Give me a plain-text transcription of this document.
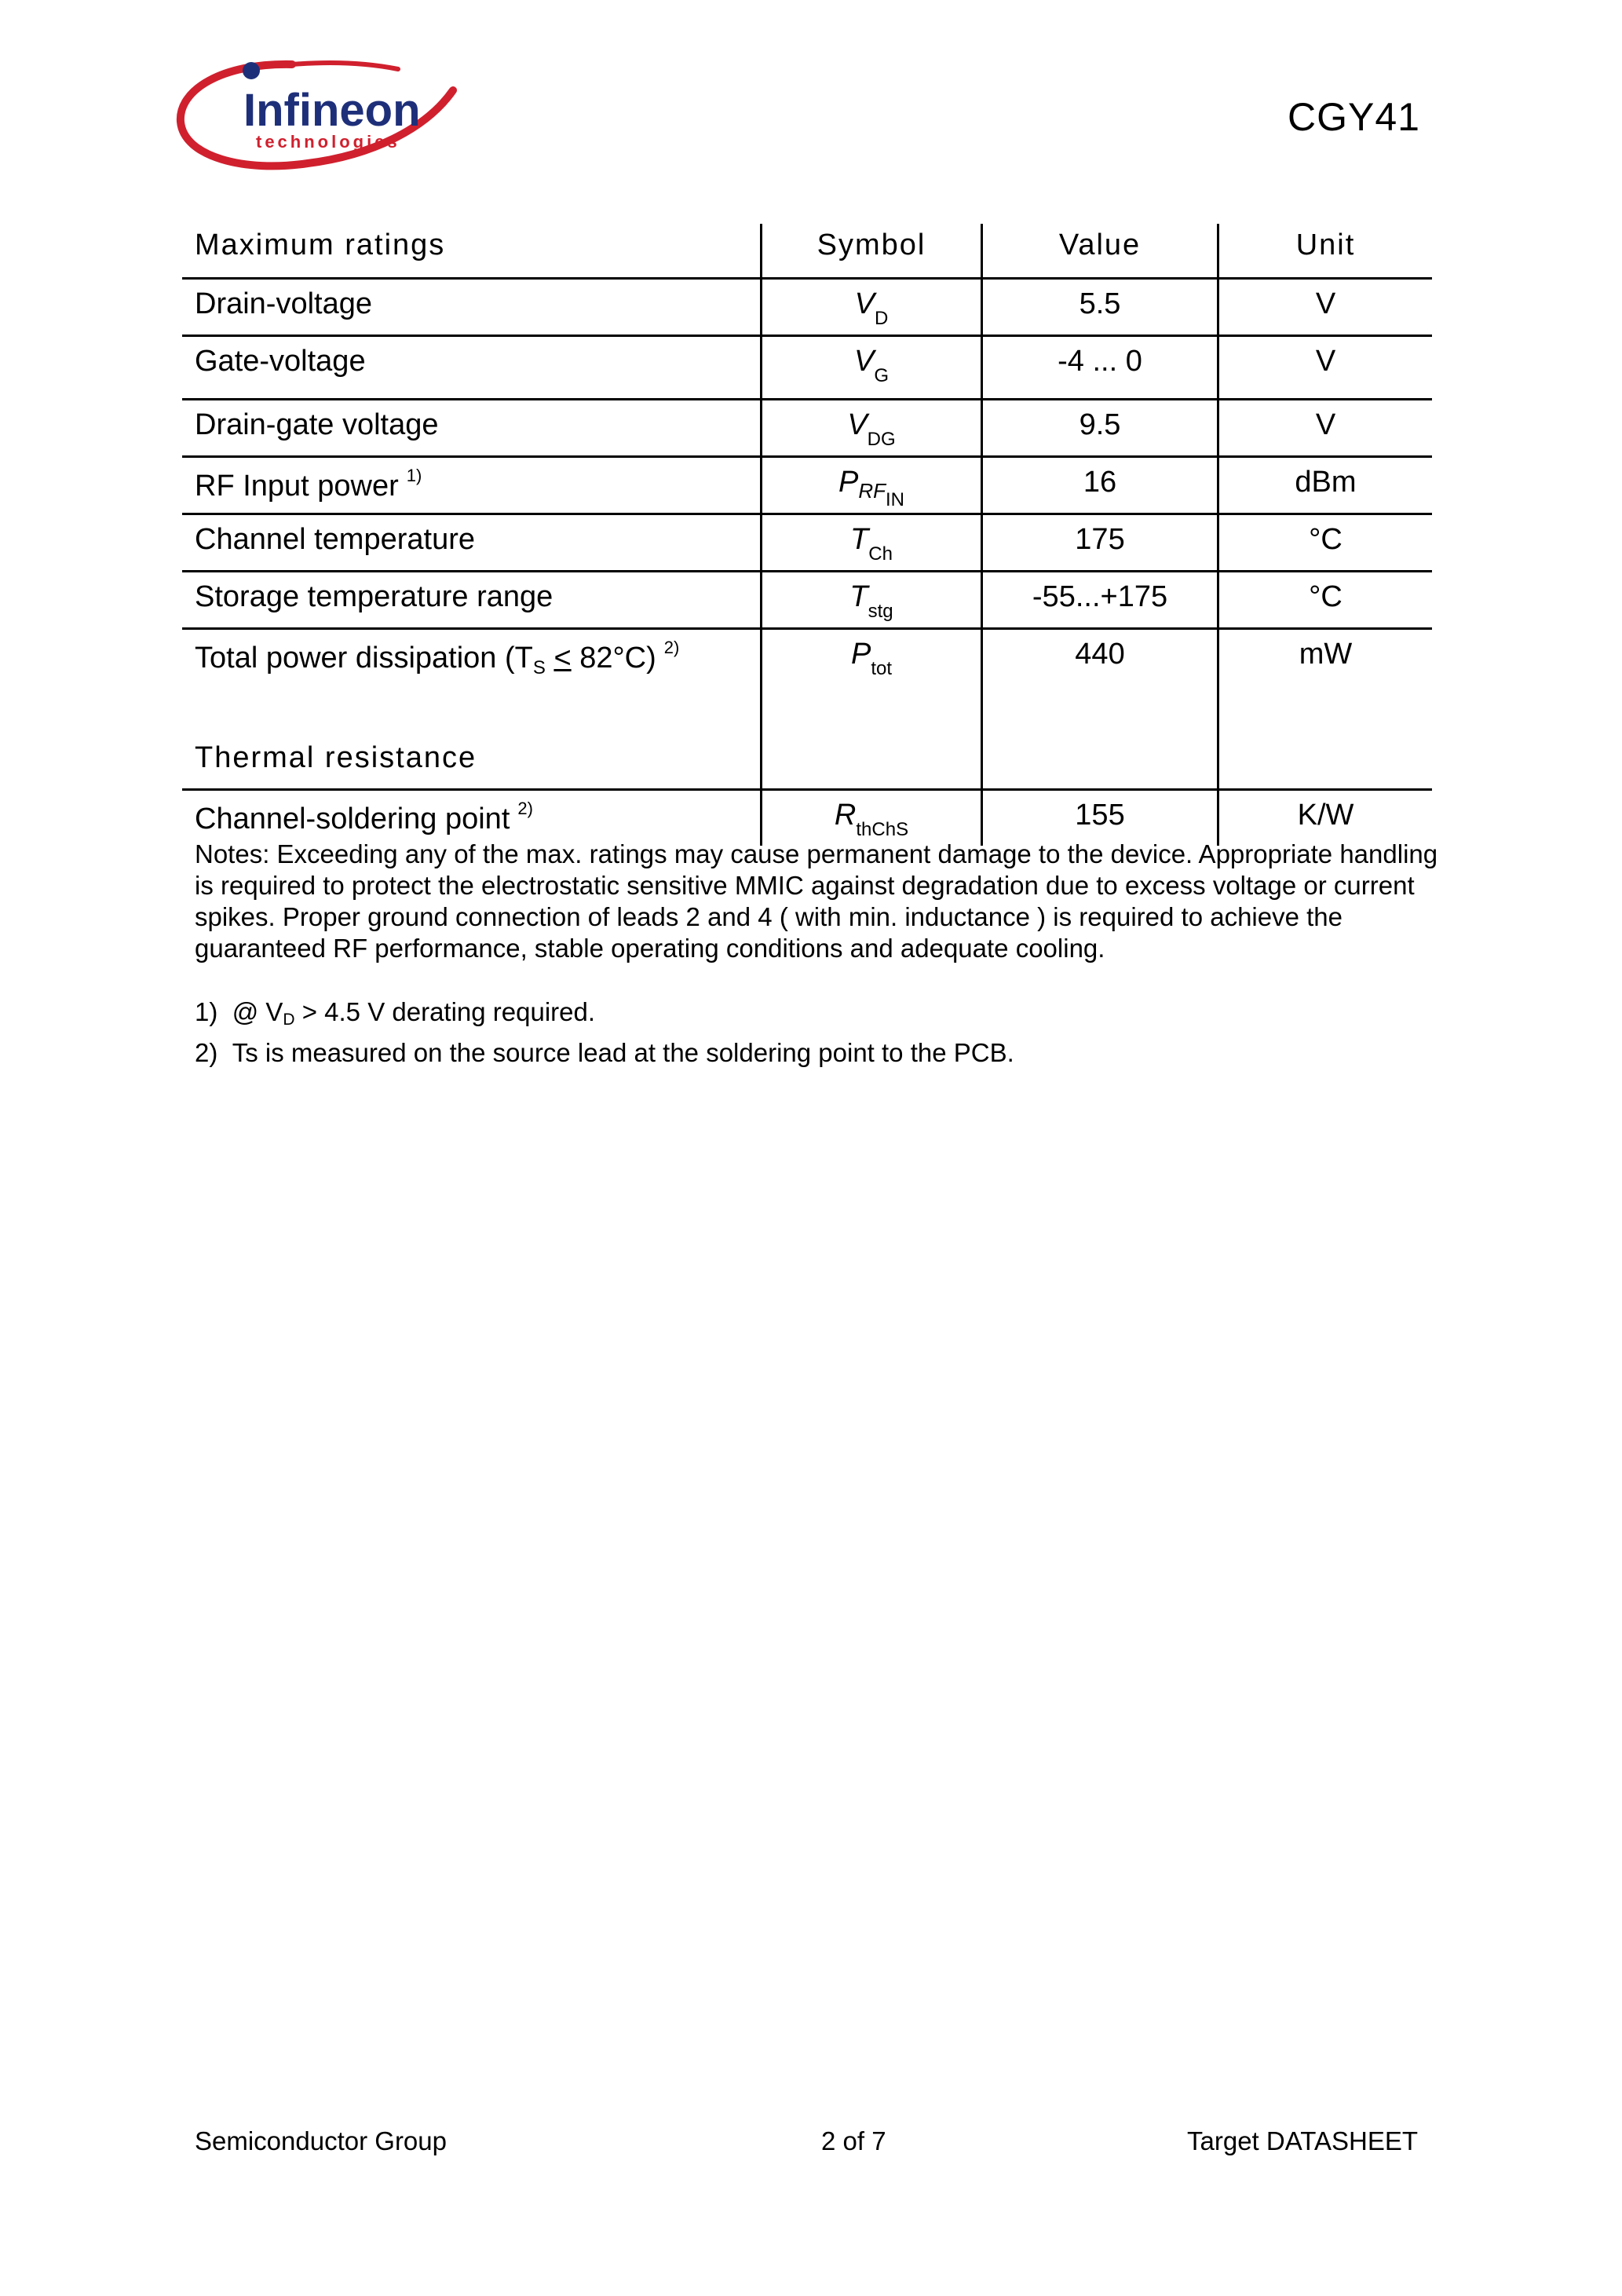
Infineon
technologies
CGY41
Maximum ratings	Symbol	Value	Unit
Drain-voltage	$V_D$	5.5	V
Gate-voltage	$V_G$	-4 ... 0	V
Drain-gate voltage	$V_{DG}$	9.5	V
RF Input power $^{1)}$	$P_{RFIN}$	16	dBm
Channel temperature	$T_{Ch}$	175	°C
Storage temperature range	$T_{stg}$	-55...+175	°C
Total power dissipation $(T_S \le 82^\circ C)$ $^{2)}$	$P_{tot}$	440	mW

Thermal resistance			
Channel-soldering point $^{2)}$	$R_{thChS}$	155	K/W

Notes: Exceeding any of the max. ratings may cause permanent damage to the device. Appropriate handling is required to protect the electrostatic sensitive MMIC against degradation due to excess voltage or current spikes. Proper ground connection of leads 2 and 4 ( with min. inductance ) is required to achieve the guaranteed RF performance, stable operating conditions and adequate cooling.

1) @ $V_D > 4.5$ V derating required.
2) Ts is measured on the source lead at the soldering point to the PCB.
Semiconductor Group	2 of 7	Target DATASHEET
